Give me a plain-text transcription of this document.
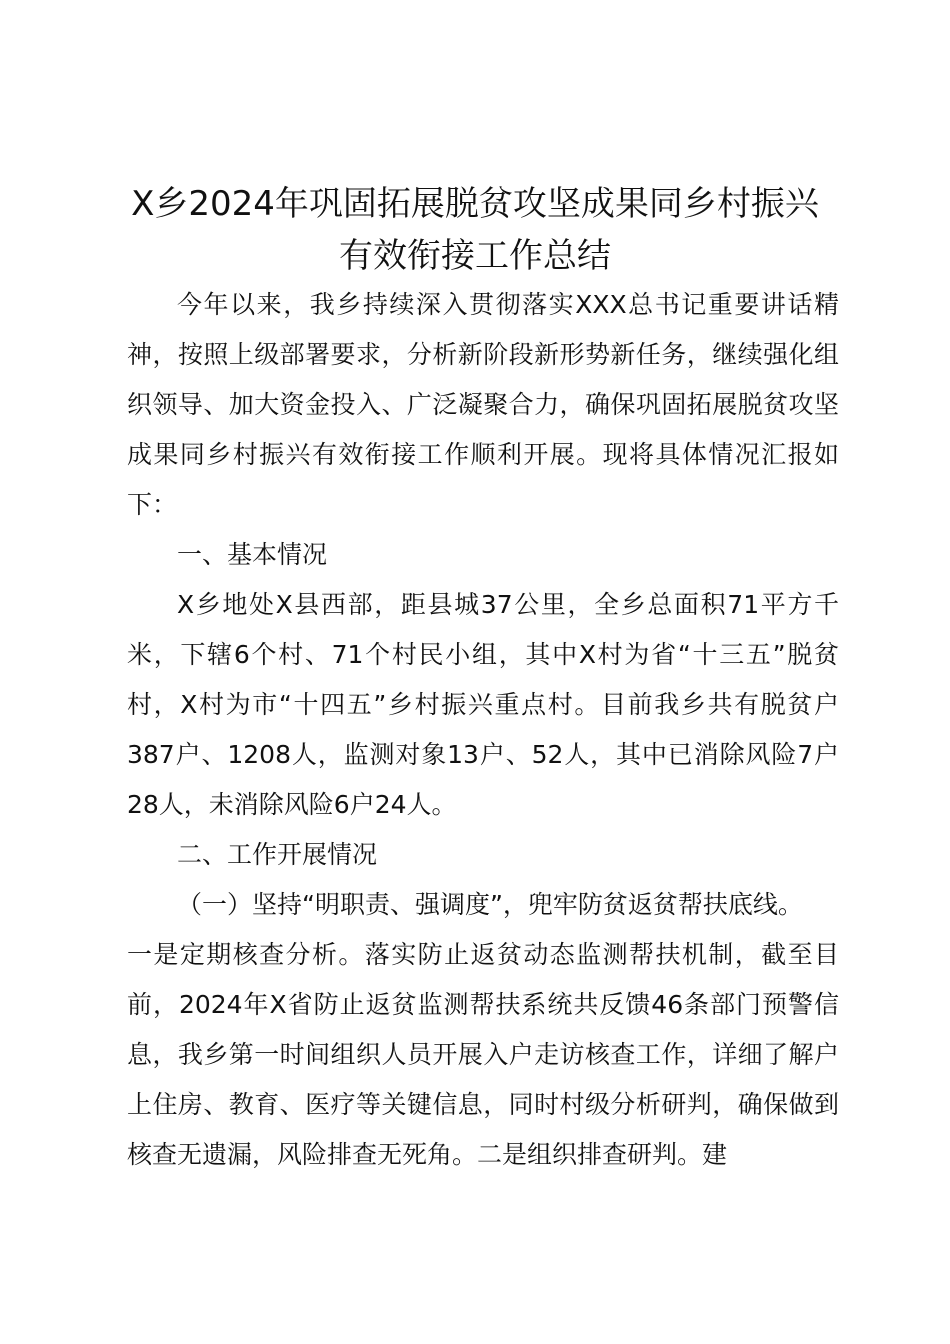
X乡2024年巩固拓展脱贫攻坚成果同乡村振兴有效衔接工作总结

今年以来，我乡持续深入贯彻落实XXX总书记重要讲话精神，按照上级部署要求，分析新阶段新形势新任务，继续强化组织领导、加大资金投入、广泛凝聚合力，确保巩固拓展脱贫攻坚成果同乡村振兴有效衔接工作顺利开展。现将具体情况汇报如下：

一、基本情况

X乡地处X县西部，距县城37公里，全乡总面积71平方千米，下辖6个村、71个村民小组，其中X村为省“十三五”脱贫村，X村为市“十四五”乡村振兴重点村。目前我乡共有脱贫户387户、1208人，监测对象13户、52人，其中已消除风险7户28人，未消除风险6户24人。

二、工作开展情况

（一）坚持“明职责、强调度”，兜牢防贫返贫帮扶底线。

一是定期核查分析。落实防止返贫动态监测帮扶机制，截至目前，2024年X省防止返贫监测帮扶系统共反馈46条部门预警信息，我乡第一时间组织人员开展入户走访核查工作，详细了解户上住房、教育、医疗等关键信息，同时村级分析研判，确保做到核查无遗漏，风险排查无死角。二是组织排查研判。建
